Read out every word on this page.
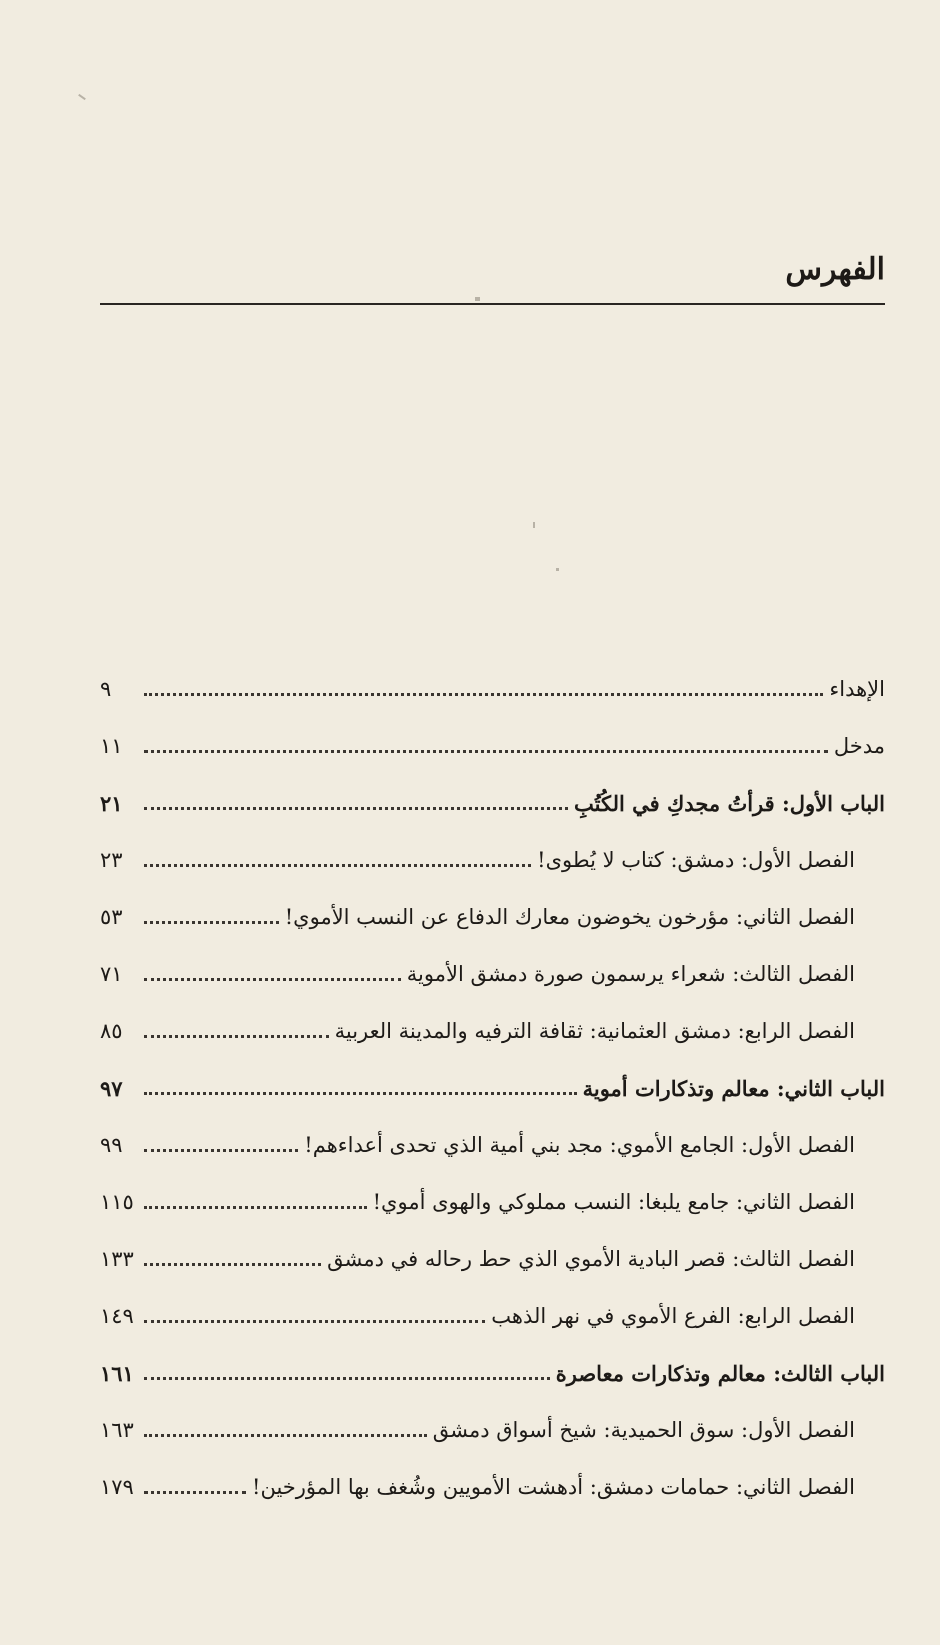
الفهرس
الإهداء
٩
مدخل
١١
الباب الأول: قرأتُ مجدكِ في الكُتُبِ
٢١
الفصل الأول: دمشق: كتاب لا يُطوى!
٢٣
الفصل الثاني: مؤرخون يخوضون معارك الدفاع عن النسب الأموي!
٥٣
الفصل الثالث: شعراء يرسمون صورة دمشق الأموية
٧١
الفصل الرابع: دمشق العثمانية: ثقافة الترفيه والمدينة العربية
٨٥
الباب الثاني: معالم وتذكارات أموية
٩٧
الفصل الأول: الجامع الأموي: مجد بني أمية الذي تحدى أعداءهم!
٩٩
الفصل الثاني: جامع يلبغا: النسب مملوكي والهوى أموي!
١١٥
الفصل الثالث: قصر البادية الأموي الذي حط رحاله في دمشق
١٣٣
الفصل الرابع: الفرع الأموي في نهر الذهب
١٤٩
الباب الثالث: معالم وتذكارات معاصرة
١٦١
الفصل الأول: سوق الحميدية: شيخ أسواق دمشق
١٦٣
الفصل الثاني: حمامات دمشق: أدهشت الأمويين وشُغف بها المؤرخين!
١٧٩
